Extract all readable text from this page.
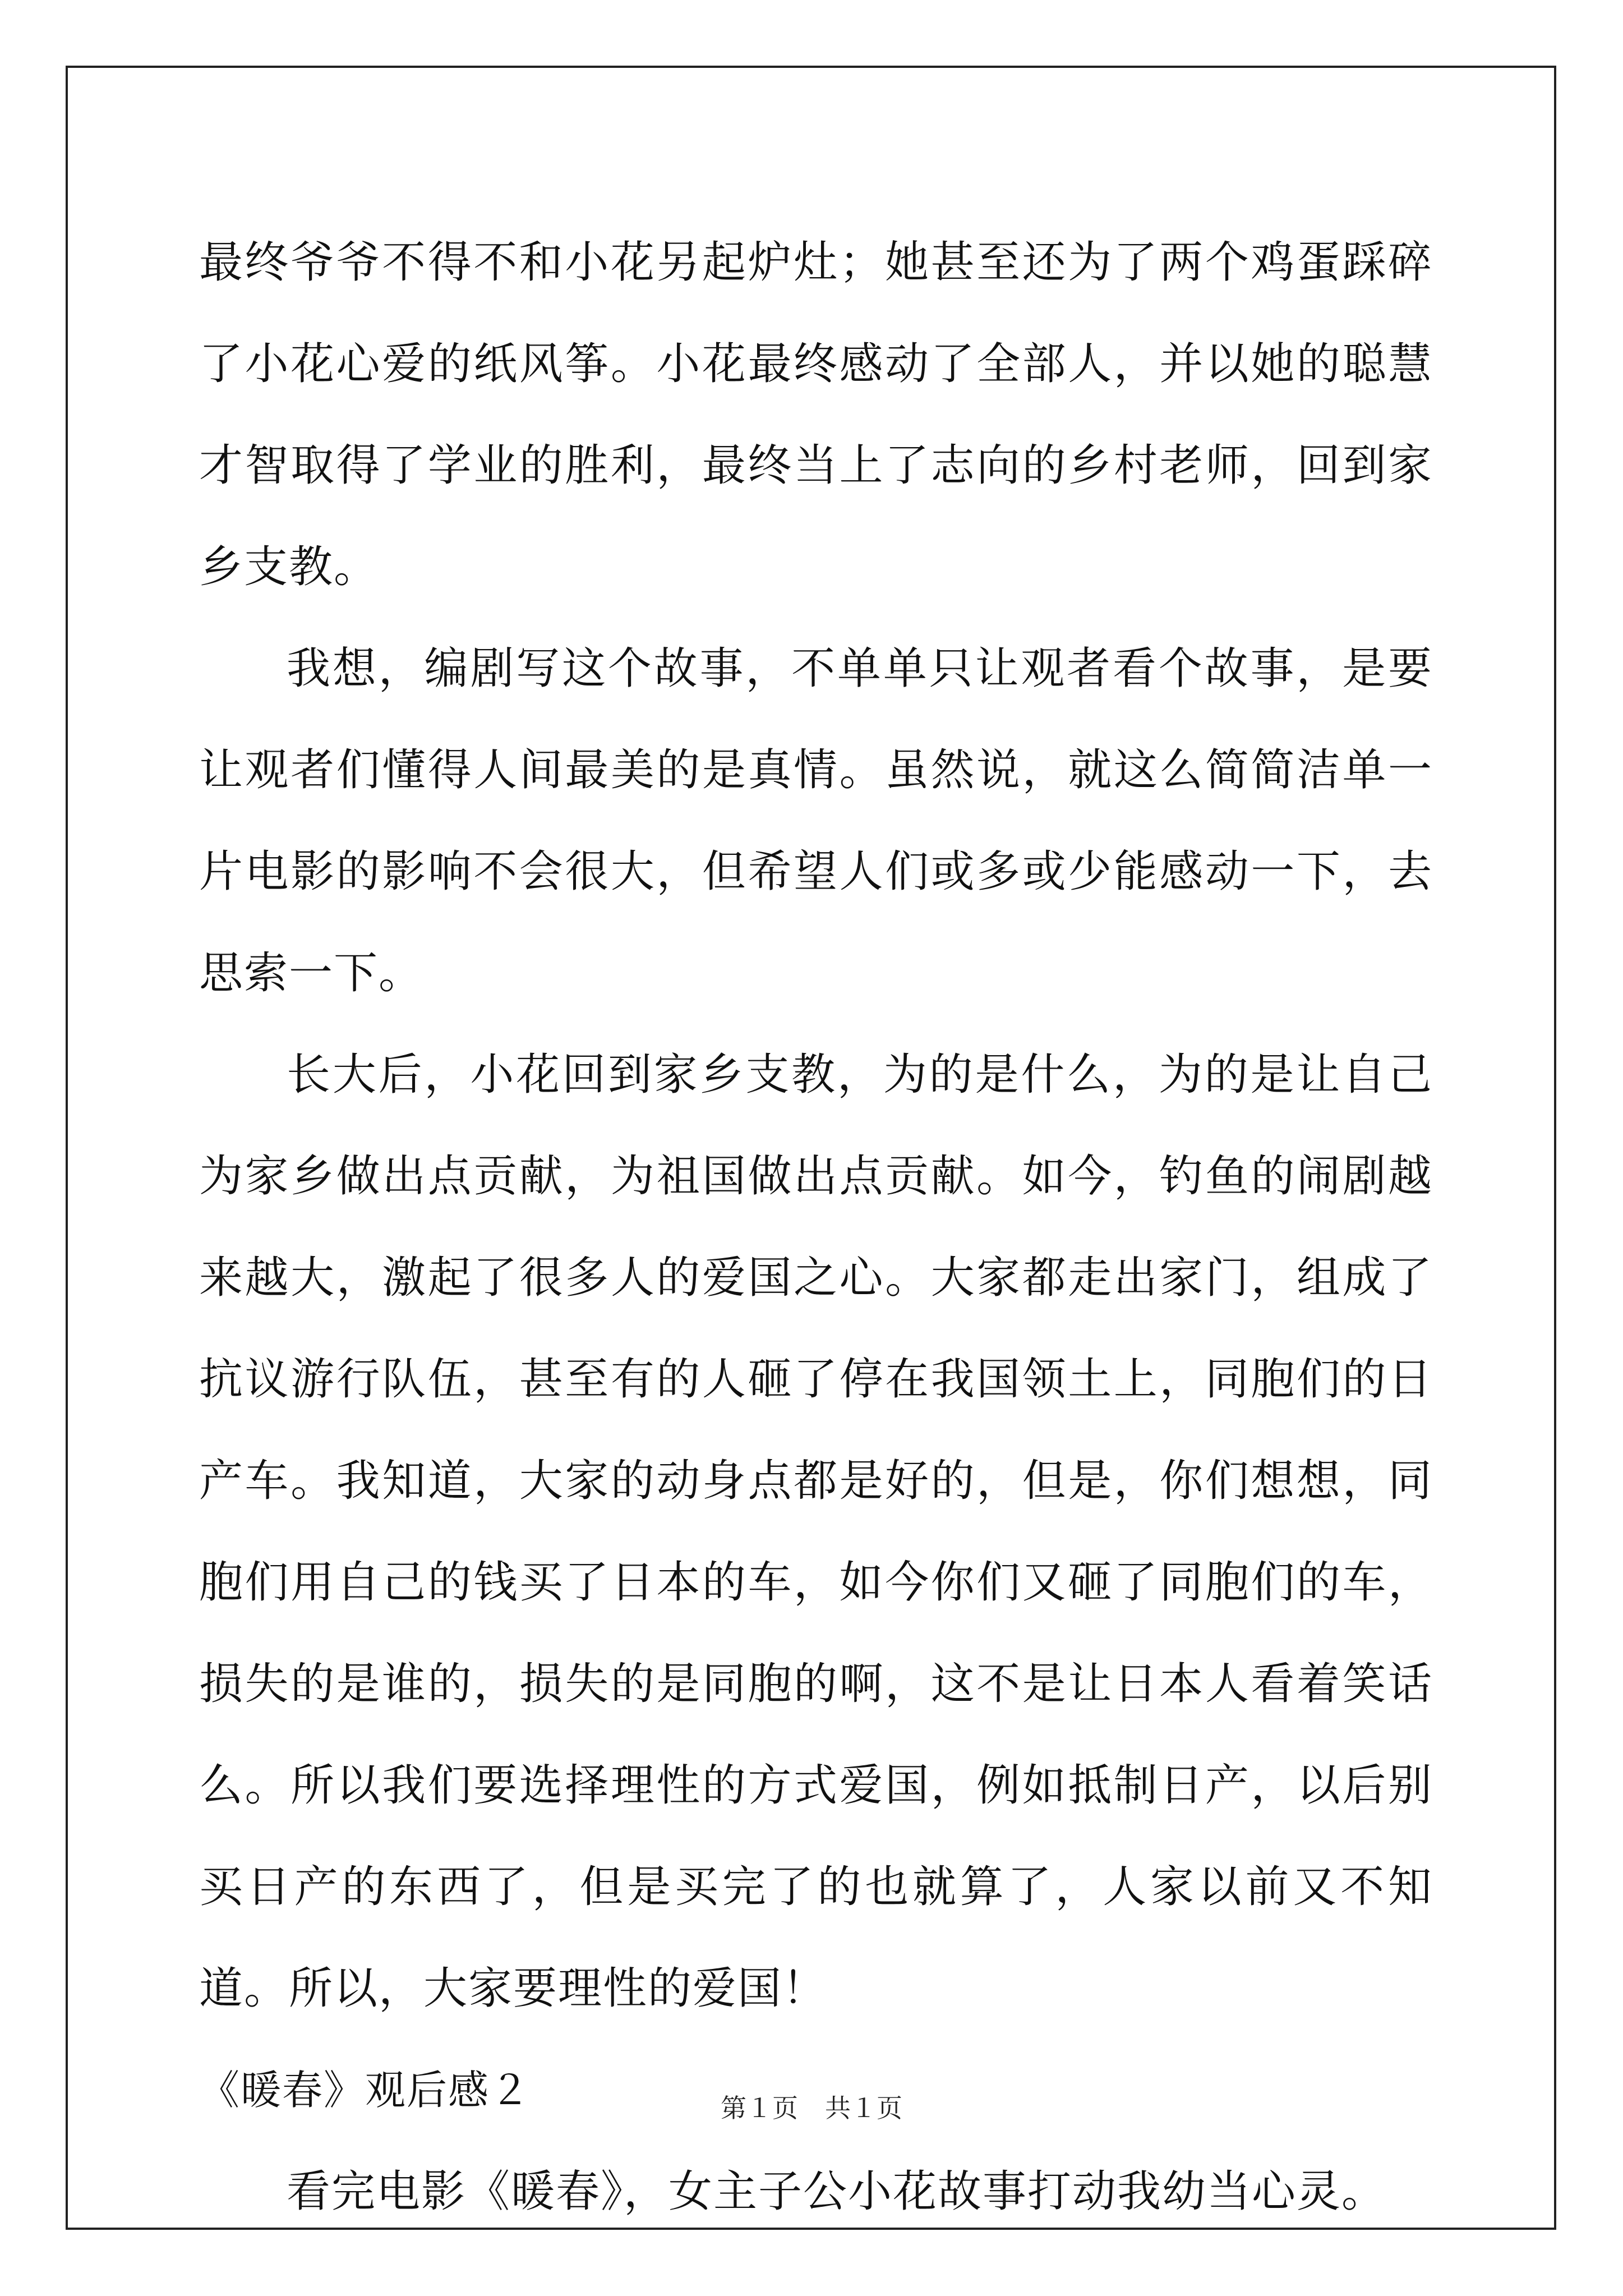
最终爷爷不得不和小花另起炉灶；她甚至还为了两个鸡蛋踩碎了小花心爱的纸风筝。小花最终感动了全部人，并以她的聪慧才智取得了学业的胜利，最终当上了志向的乡村老师，回到家乡支教。

我想，编剧写这个故事，不单单只让观者看个故事，是要让观者们懂得人间最美的是真情。虽然说，就这么简简洁单一片电影的影响不会很大，但希望人们或多或少能感动一下，去思索一下。

长大后，小花回到家乡支教，为的是什么，为的是让自己为家乡做出点贡献，为祖国做出点贡献。如今，钓鱼的闹剧越来越大，激起了很多人的爱国之心。大家都走出家门，组成了抗议游行队伍，甚至有的人砸了停在我国领土上，同胞们的日产车。我知道，大家的动身点都是好的，但是，你们想想，同胞们用自己的钱买了日本的车，如今你们又砸了同胞们的车，损失的是谁的，损失的是同胞的啊，这不是让日本人看着笑话么。所以我们要选择理性的方式爱国，例如抵制日产，以后别买日产的东西了，但是买完了的也就算了，人家以前又不知道。所以，大家要理性的爱国！

《暖春》观后感２

看完电影《暖春》，女主子公小花故事打动我幼当心灵。

第１页 共１页
